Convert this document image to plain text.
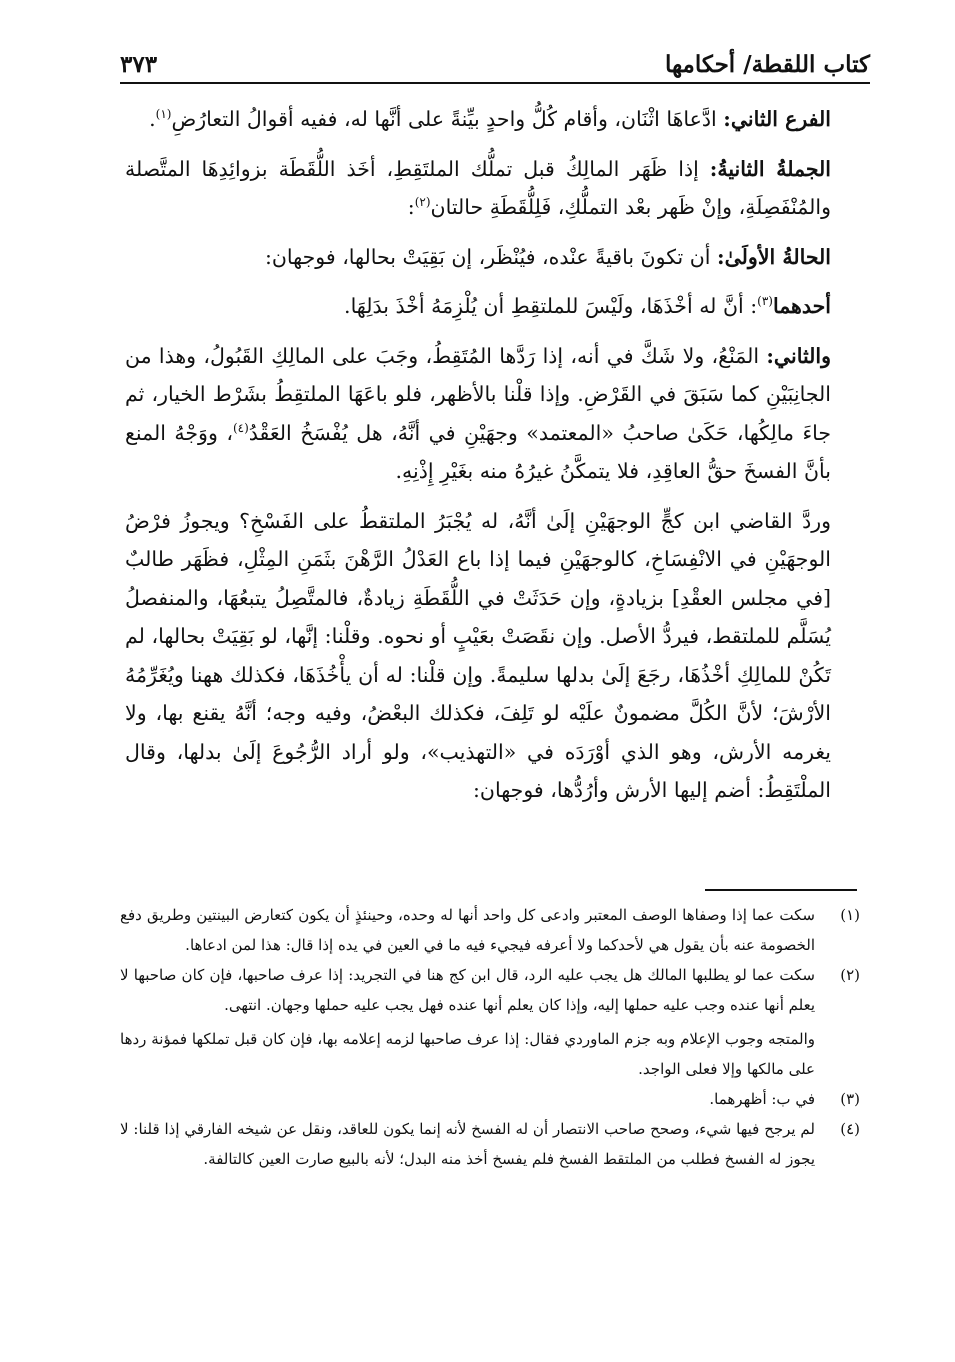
كتاب اللقطة/ أحكامها
٣٧٣

الفرع الثاني: ادَّعاهَا اثْنَان، وأقام كُلُّ واحدٍ بيِّنةً على أنَّها له، ففيه أقوالُ التعارُضِ$^{(١)}$.

الجملةُ الثانيةُ: إذا ظَهَر المالِكُ قبل تملُّك الملتَقِطِ، أخَذ اللُّقَطَة بزوائِدِهَا المتَّصلة والمُنْفَصِلَةِ، وإنْ ظَهر بعْد التملُّكِ، فَلِلُّقَطَةِ حالتان$^{(٢)}$:

الحالةُ الأولَىٰ: أن تكونَ باقيةً عنْده، فيُنْظَر، إن بَقِيَتْ بحالها، فوجهان:

أحدهما$^{(٣)}$: أنَّ له أخْذَهَا، ولَيْسَ للملتقِطِ أن يُلْزِمَهُ أخْذَ بدَلِهَا.

والثاني: المَنْعُ، ولا شَكَّ في أنه، إذا رَدَّها المُتَقِطُ، وجَبَ على المالِكِ القَبُولُ، وهذا من الجانِبَيْنِ كما سَبَقَ في القَرْضِ. وإذا قلْنا بالأظهر، فلو باعَهَا الملتقِطُ بشَرْط الخيار، ثم جاءَ مالِكُها، حَكَىٰ صاحبُ «المعتمد» وجهَيْنِ في أنَّهُ، هل يُفْسَخُ العَقْدُ$^{(٤)}$، ووَجْهُ المنع بأنَّ الفسخَ حقُّ العاقِدِ، فلا يتمكَّنُ غيرُهُ منه بغَيْرِ إِذْنِهِ.

وردَّ القاضي ابن كجٍّ الوجهَيْنِ إلَىٰ أنَّهُ، له يُجْبَرُ الملتقطُ على الفَسْخِ؟ ويجوزُ فرْضُ الوجهَيْنِ في الانْفِسَاخِ، كالوجهَيْنِ فيما إذا باع العَدْلُ الرَّهْنَ بثَمَنِ المِثْلِ، فظَهَر طالبٌ [في مجلس العقْدِ] بزيادةٍ، وإن حَدَثَتْ في اللُّقَطَةِ زيادةٌ، فالمتَّصِلُ يتبعُهَا، والمنفصلُ يُسَلَّم للملتقط، فيردُّ الأصل. وإن نقَصَتْ بعَيْبٍ أو نحوه. وقلْنا: إنَّها، لو بَقِيَتْ بحالها، لم تَكُنْ للمالِكِ أخْذُهَا، رجَعَ إلَىٰ بدلها سليمةً. وإن قلْنا: له أن يأْخُذَهَا، فكذلك ههنا ويُغَرِّمُهُ الأرْشَ؛ لأنَّ الكُلَّ مضمونٌ علَيْه لو تَلِفَ، فكذلك البعْضُ، وفيه وجه؛ أنَّهُ يقنع بها، ولا يغرمه الأرش، وهو الذي أوْرَدَه في «التهذيب»، ولو أراد الرُّجُوعَ إلَىٰ بدلها، وقال الملْتَقِطُ: أضم إليها الأرش وأرُدُّها، فوجهان:

(١)

سكت عما إذا وصفاها الوصف المعتبر وادعى كل واحد أنها له وحده، وحينئذٍ أن يكون كتعارض البينتين وطريق دفع الخصومة عنه بأن يقول هي لأحدكما ولا أعرفه فيجيء فيه ما في العين في يده إذا قال: هذا لمن ادعاها.

(٢)

سكت عما لو يطلبها المالك هل يجب عليه الرد، قال ابن كج هنا في التجريد: إذا عرف صاحبها، فإن كان صاحبها لا يعلم أنها عنده وجب عليه حملها إليه، وإذا كان يعلم أنها عنده فهل يجب عليه حملها وجهان. انتهى.

والمتجه وجوب الإعلام وبه جزم الماوردي فقال: إذا عرف صاحبها لزمه إعلامه بها، فإن كان قبل تملكها فمؤنة ردها على مالكها وإلا فعلى الواجد.

(٣)

في ب: أظهرهما.

(٤)

لم يرجح فيها شيء، وصحح صاحب الانتصار أن له الفسخ لأنه إنما يكون للعاقد، ونقل عن شيخه الفارقي إذا قلنا: لا يجوز له الفسخ فطلب من الملتقط الفسخ فلم يفسخ أخذ منه البدل؛ لأنه بالبيع صارت العين كالتالفة.
